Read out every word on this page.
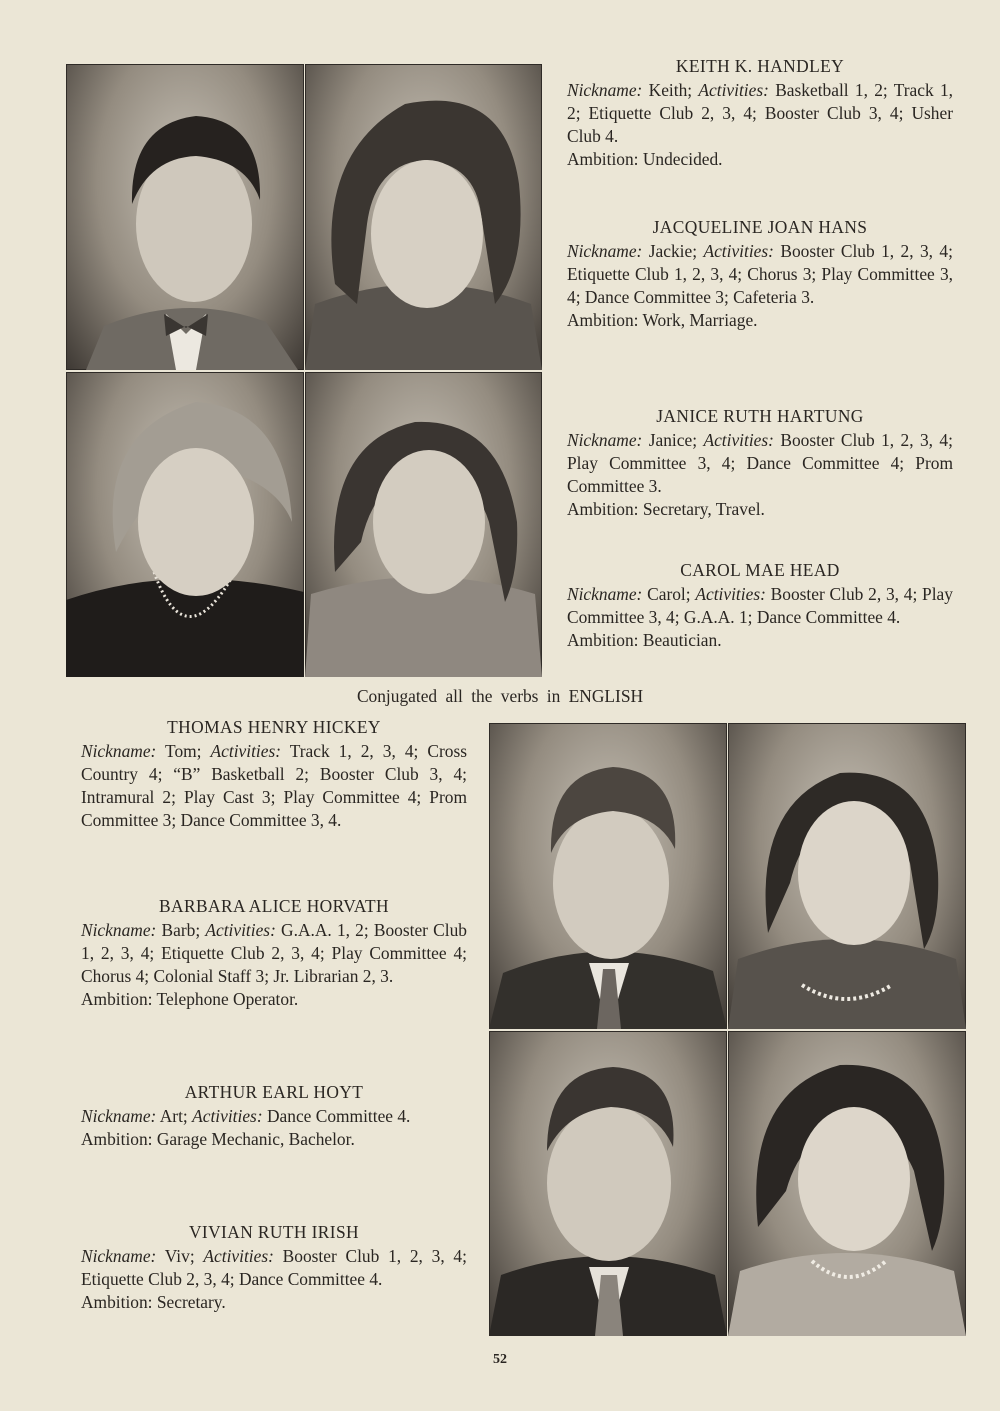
KEITH K. HANDLEY
Nickname: Keith; Activities: Basketball 1, 2; Track 1, 2; Etiquette Club 2, 3, 4; Booster Club 3, 4; Usher Club 4.
Ambition: Undecided.
JACQUELINE JOAN HANS
Nickname: Jackie; Activities: Booster Club 1, 2, 3, 4; Etiquette Club 1, 2, 3, 4; Chorus 3; Play Committee 3, 4; Dance Committee 3; Cafeteria 3.
Ambition: Work, Marriage.
JANICE RUTH HARTUNG
Nickname: Janice; Activities: Booster Club 1, 2, 3, 4; Play Committee 3, 4; Dance Committee 4; Prom Committee 3.
Ambition: Secretary, Travel.
CAROL MAE HEAD
Nickname: Carol; Activities: Booster Club 2, 3, 4; Play Committee 3, 4; G.A.A. 1; Dance Committee 4.
Ambition: Beautician.
Conjugated all the verbs in ENGLISH
THOMAS HENRY HICKEY
Nickname: Tom; Activities: Track 1, 2, 3, 4; Cross Country 4; “B” Basketball 2; Booster Club 3, 4; Intramural 2; Play Cast 3; Play Committee 4; Prom Committee 3; Dance Committee 3, 4.
BARBARA ALICE HORVATH
Nickname: Barb; Activities: G.A.A. 1, 2; Booster Club 1, 2, 3, 4; Etiquette Club 2, 3, 4; Play Committee 4; Chorus 4; Colonial Staff 3; Jr. Librarian 2, 3.
Ambition: Telephone Operator.
ARTHUR EARL HOYT
Nickname: Art; Activities: Dance Committee 4.
Ambition: Garage Mechanic, Bachelor.
VIVIAN RUTH IRISH
Nickname: Viv; Activities: Booster Club 1, 2, 3, 4; Etiquette Club 2, 3, 4; Dance Committee 4.
Ambition: Secretary.
52
